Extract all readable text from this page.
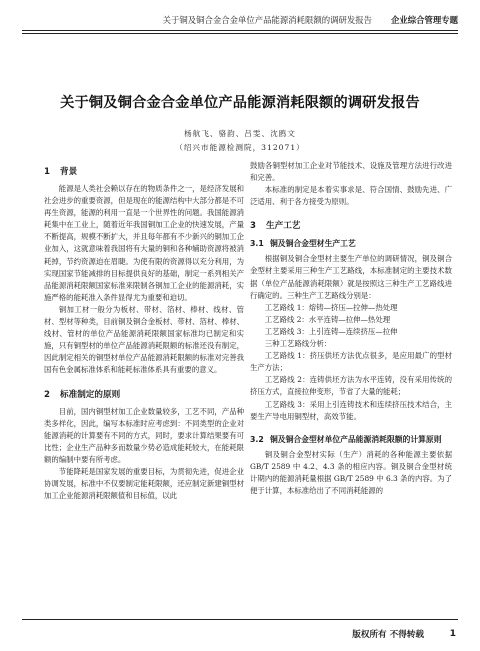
关于铜及铜合金合金单位产品能源消耗限额的调研发报告 企业综合管理专题
关于铜及铜合金合金单位产品能源消耗限额的调研发报告
杨航飞、骆韵、吕雯、沈鸥文
（绍兴市能源检测院，312071）
1 背景

能源是人类社会赖以存在的物质条件之一，是经济发展和社会进步的重要资源，但是现在的能源结构中大部分都是不可再生资源，能源的利用一直是一个世界性的问题。我国能源消耗集中在工业上，随着近年我国铜加工企业的快速发展，产量不断提高，规模不断扩大，并且每年都有不少新兴的铜加工企业加入，这就意味着我国将有大量的铜和各种辅助资源将被消耗掉，节约资源迫在眉睫。为使有限的资源得以充分利用，为实现国家节能减排的目标提供良好的基础，制定一系列相关产品能源消耗限额国家标准来限制各铜加工企业的能源消耗，实施严格的能耗准入条件显得尤为重要和迫切。

铜加工材一般分为板材、带材、箔材、棒材、线材、管材、型材等种类，目前铜及铜合金板材、带材、箔材、棒材、线材、管材的单位产品能源消耗限额国家标准均已制定和实施，只有铜型材的单位产品能源消耗限额的标准还没有制定，因此制定相关的铜型材单位产品能源消耗限额的标准对完善我国有色金属标准体系和能耗标准体系具有重要的意义。

2 标准制定的原则

目前，国内铜型材加工企业数量较多，工艺不同，产品种类多样化，因此，编写本标准时应考虑到：不同类型的企业对能源消耗的计算要有不同的方式，同时，要求计算结果要有可比性；企业生产品种多而数量少势必造成能耗较大，在能耗限额的编制中要有所考虑。

节能降耗是国家发展的重要目标，为贯彻先进，促进企业协调发展，标准中不仅要制定能耗限额，还应制定新建铜型材加工企业能源消耗限额值和目标值，以此

鼓励各铜型材加工企业对节能技术、设施及管理方法进行改进和完善。

本标准的制定是本着实事求是、符合国情、鼓励先进、广泛适用、利于各方接受为原则。

3 生产工艺
3.1 铜及铜合金型材生产工艺

根据铜及铜合金型材主要生产单位的调研情况，铜及铜合金型材主要采用三种生产工艺路线，本标准制定的主要技术数据（单位产品能源消耗限额）就是按照这三种生产工艺路线进行确定的。三种生产工艺路线分别是：

工艺路线 1：熔铸—挤压—拉伸—热处理

工艺路线 2：水平连铸—拉伸—热处理

工艺路线 3：上引连铸—连续挤压—拉伸

三种工艺路线分析：

工艺路线 1：挤压供坯方法优点很多，是应用最广的型材生产方法；

工艺路线 2：连铸供坯方法为水平连铸，没有采用传统的挤压方式，直接拉伸变形，节省了大量的能耗；

工艺路线 3：采用上引连铸技术和连续挤压技术结合，主要生产导电用铜型材，高效节能。

3.2 铜及铜合金型材单位产品能源消耗限额的计算原则

铜及铜合金型材实际（生产）消耗的各种能源主要依据 GB/T 2589 中 4.2、4.3 条的相应内容。铜及铜合金型材统计期内的能源消耗量根据 GB/T 2589 中 6.3 条的内容。为了便于计算，本标准给出了不同消耗能源的

版权所有 不得转载	1
